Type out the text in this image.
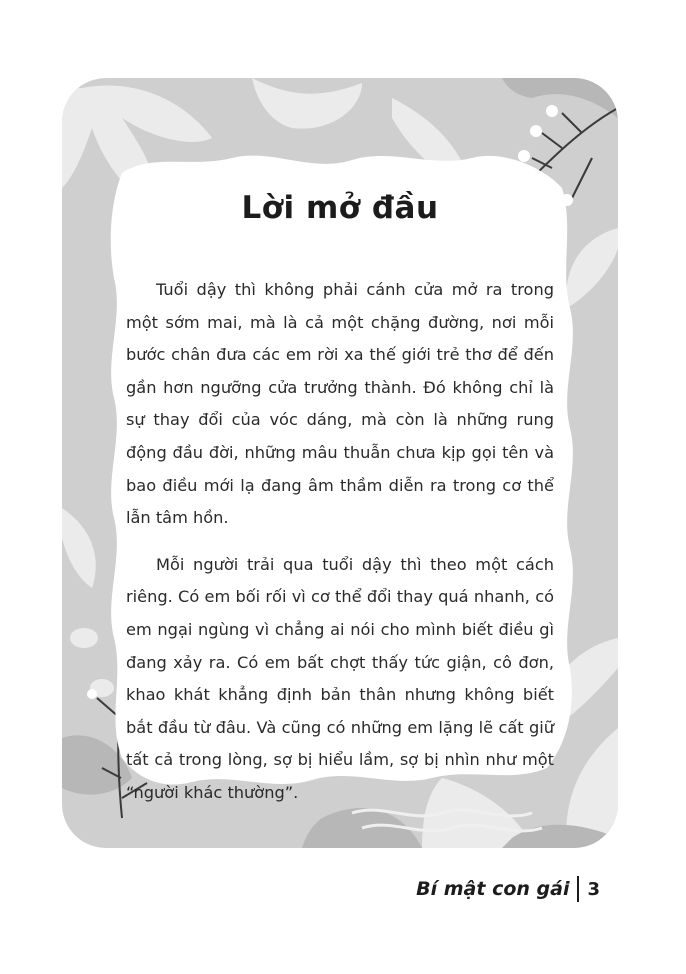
Lời mở đầu

Tuổi dậy thì không phải cánh cửa mở ra trong một sớm mai, mà là cả một chặng đường, nơi mỗi bước chân đưa các em rời xa thế giới trẻ thơ để đến gần hơn ngưỡng cửa trưởng thành. Đó không chỉ là sự thay đổi của vóc dáng, mà còn là những rung động đầu đời, những mâu thuẫn chưa kịp gọi tên và bao điều mới lạ đang âm thầm diễn ra trong cơ thể lẫn tâm hồn.

Mỗi người trải qua tuổi dậy thì theo một cách riêng. Có em bối rối vì cơ thể đổi thay quá nhanh, có em ngại ngùng vì chẳng ai nói cho mình biết điều gì đang xảy ra. Có em bất chợt thấy tức giận, cô đơn, khao khát khẳng định bản thân nhưng không biết bắt đầu từ đâu. Và cũng có những em lặng lẽ cất giữ tất cả trong lòng, sợ bị hiểu lầm, sợ bị nhìn như một “người khác thường”.

Bí mật con gái 3
